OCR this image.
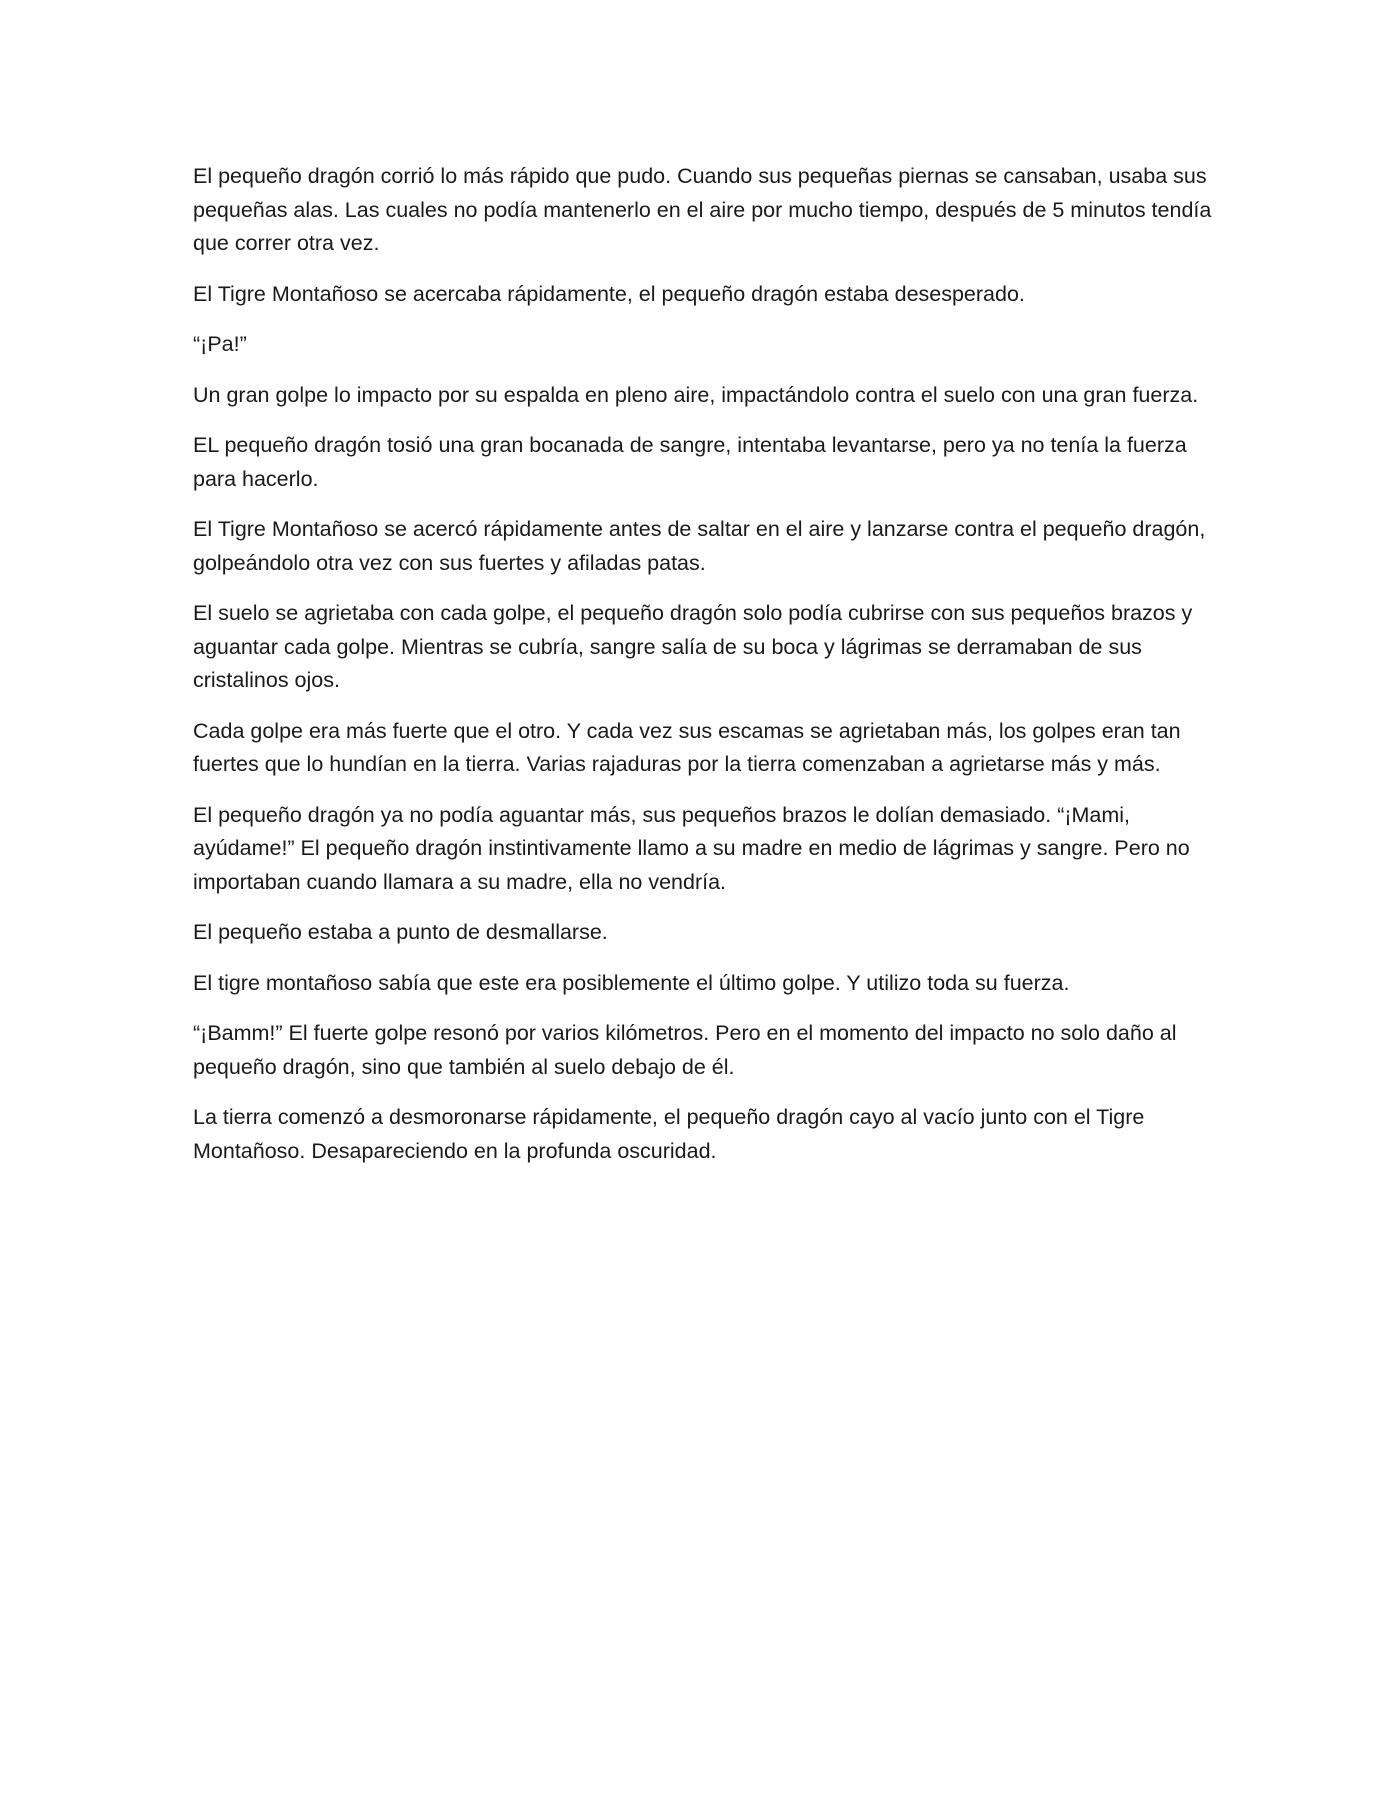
El pequeño dragón corrió lo más rápido que pudo. Cuando sus pequeñas piernas se cansaban, usaba sus pequeñas alas. Las cuales no podía mantenerlo en el aire por mucho tiempo, después de 5 minutos tendía que correr otra vez.

El Tigre Montañoso se acercaba rápidamente, el pequeño dragón estaba desesperado.

“¡Pa!”

Un gran golpe lo impacto por su espalda en pleno aire, impactándolo contra el suelo con una gran fuerza.

EL pequeño dragón tosió una gran bocanada de sangre, intentaba levantarse, pero ya no tenía la fuerza para hacerlo.

El Tigre Montañoso se acercó rápidamente antes de saltar en el aire y lanzarse contra el pequeño dragón, golpeándolo otra vez con sus fuertes y afiladas patas.

El suelo se agrietaba con cada golpe, el pequeño dragón solo podía cubrirse con sus pequeños brazos y aguantar cada golpe. Mientras se cubría, sangre salía de su boca y lágrimas se derramaban de sus cristalinos ojos.

Cada golpe era más fuerte que el otro. Y cada vez sus escamas se agrietaban más, los golpes eran tan fuertes que lo hundían en la tierra. Varias rajaduras por la tierra comenzaban a agrietarse más y más.

El pequeño dragón ya no podía aguantar más, sus pequeños brazos le dolían demasiado. “¡Mami, ayúdame!” El pequeño dragón instintivamente llamo a su madre en medio de lágrimas y sangre. Pero no importaban cuando llamara a su madre, ella no vendría.

El pequeño estaba a punto de desmallarse.

El tigre montañoso sabía que este era posiblemente el último golpe. Y utilizo toda su fuerza.

“¡Bamm!” El fuerte golpe resonó por varios kilómetros. Pero en el momento del impacto no solo daño al pequeño dragón, sino que también al suelo debajo de él.

La tierra comenzó a desmoronarse rápidamente, el pequeño dragón cayo al vacío junto con el Tigre Montañoso. Desapareciendo en la profunda oscuridad.
